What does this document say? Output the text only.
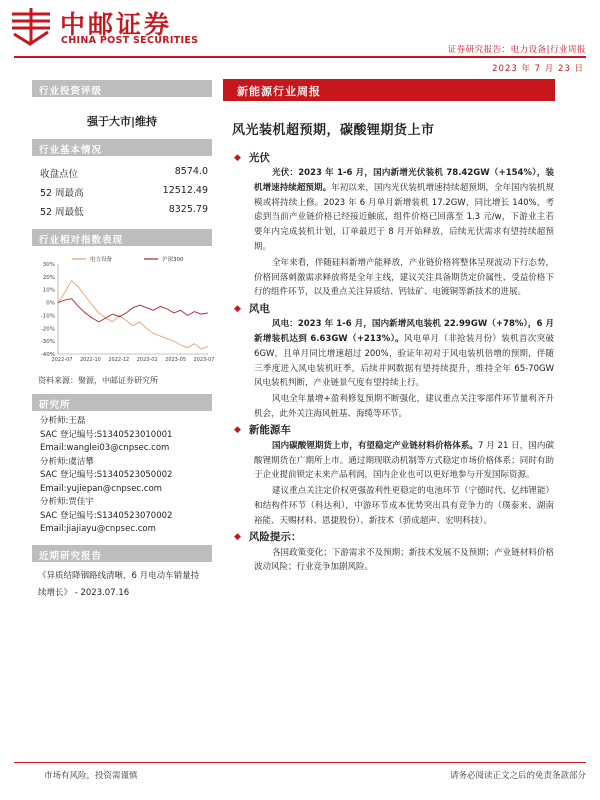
中邮证券
CHINA POST SECURITIES
证券研究报告：电力设备|行业周报
2023 年 7 月 23 日
行业投资评级
强于大市|维持
行业基本情况
收盘点位	8574.0
52 周最高	12512.49
52 周最低	8325.79
行业相对指数表现
30%
20%
10%
0%
-10%
-20%
-30%
-40%
2022-07 2022-10 2022-12 2023-02 2023-05 2023-07
电力设备	沪深300
资料来源：聚源，中邮证券研究所
研究所
分析师:王磊
SAC 登记编号:S1340523010001
Email:wanglei03@cnpsec.com
分析师:虞洁攀
SAC 登记编号:S1340523050002
Email:yujiepan@cnpsec.com
分析师:贾佳宇
SAC 登记编号:S1340523070002
Email:jiajiayu@cnpsec.com
近期研究报告
《异质结降铟路线清晰，6 月电动车销量持续增长》 - 2023.07.16
新能源行业周报
风光装机超预期，碳酸锂期货上市
◆ 光伏

光伏：2023 年 1-6 月，国内新增光伏装机 78.42GW（+154%），装机增速持续超预期。年初以来，国内光伏装机增速持续超预期，全年国内装机规模或将持续上修。2023 年 6 月单月新增装机 17.2GW，同比增长 140%，考虑到当前产业链价格已经接近触底，组件价格已回落至 1.3 元/w，下游业主若要年内完成装机计划，订单最迟于 8 月开始释放，后续光伏需求有望持续超预期。

全年来看，伴随硅料新增产能释放，产业链价格将整体呈现波动下行态势，价格回落刺激需求释放将是全年主线，建议关注具备期货定价属性、受益价格下行的组件环节，以及重点关注异质结、钙钛矿、电镀铜等新技术的进展。

◆ 风电

风电：2023 年 1-6 月，国内新增风电装机 22.99GW（+78%），6 月新增装机达到 6.63GW（+213%）。风电单月（非抢装月份）装机首次突破 6GW，且单月同比增速超过 200%，验证年初对于风电装机倍增的预期，伴随三季度进入风电装机旺季，后续并网数据有望持续提升，维持全年 65-70GW 风电装机判断，产业链景气度有望持续上行。

风电全年量增+盈利修复预期不断强化，建议重点关注零部件环节量利齐升机会，此外关注海风桩基、海缆等环节。

◆ 新能源车

国内碳酸锂期货上市，有望稳定产业链材料价格体系。7 月 21 日，国内碳酸锂期货在广期所上市。通过期现联动机制等方式稳定市场价格体系；同时有助于企业提前锁定未来产品利润，国内企业也可以更好地参与开发国际资源。

建议重点关注定价权更强盈利性更稳定的电池环节（宁德时代、亿纬锂能）和结构件环节（科达利），中游环节成本优势突出具有竞争力的（璞泰来、湖南裕能、天赐材料、恩捷股份）、新技术（骄成超声、宏明科技）。

◆ 风险提示：

各国政策变化；下游需求不及预期；新技术发展不及预期；产业链材料价格波动风险；行业竞争加剧风险。

市场有风险，投资需谨慎	请务必阅读正文之后的免责条款部分
